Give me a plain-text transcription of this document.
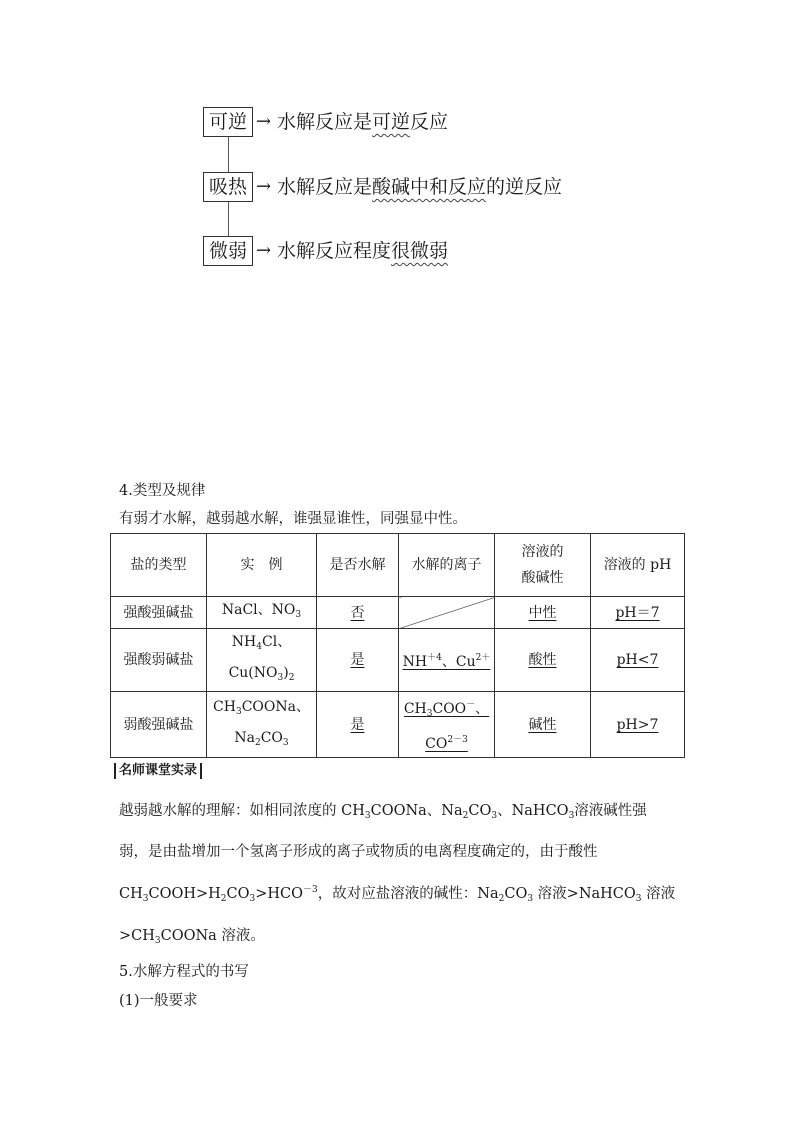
可逆 → 水解反应是可逆反应
吸热 → 水解反应是酸碱中和反应的逆反应
微弱 → 水解反应程度很微弱
4.类型及规律
有弱才水解，越弱越水解，谁强显谁性，同强显中性。
盐的类型	实　例	是否水解	水解的离子	溶液的
酸碱性	溶液的 pH
强酸强碱盐	NaCl、$NO_3$	否		中性	pH＝7
强酸弱碱盐	$NH_4Cl$、
$Cu(NO_3)_2$	是	$NH^{+4}$、$Cu^{2+}$	酸性	pH<7
弱酸强碱盐	$CH_3COONa$、
$Na_2CO_3$	是	$CH_3COO^-$、
$CO^{2-3}$	碱性	pH>7
名师课堂实录
越弱越水解的理解：如相同浓度的 $CH_3COONa$、$Na_2CO_3$、NaHCO$_3$溶液碱性强
弱，是由盐增加一个氢离子形成的离子或物质的电离程度确定的，由于酸性
$CH_3COOH>H_2CO_3>HCO^{-3}$，故对应盐溶液的碱性：$Na_2CO_3$ 溶液>NaHCO$_3$ 溶液
$>CH_3COONa$ 溶液。
5.水解方程式的书写
(1)一般要求
